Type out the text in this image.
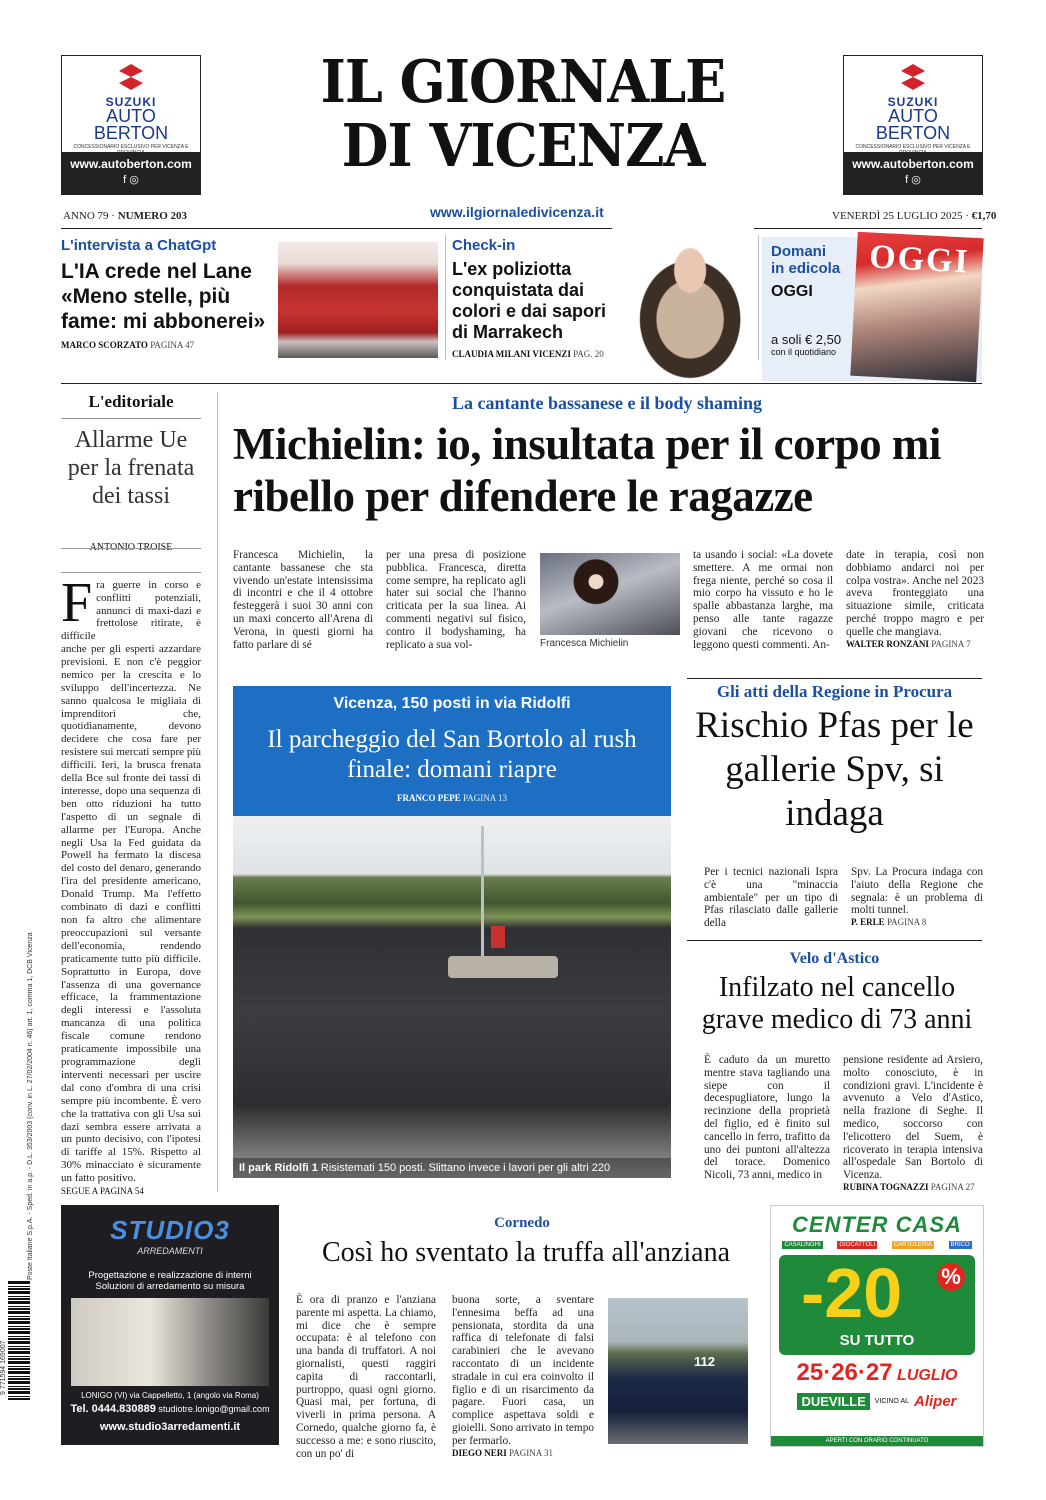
Poste Italiane S.p.A. - Sped. in a.p. - D.L. 353/2003 (conv. in L. 27/02/2004 n. 46) art. 1, comma 1, DCB Vicenza
9 771594 169007
SUZUKI
AUTO
BERTON
CONCESSIONARIO ESCLUSIVO PER VICENZA E
www.autoberton.com
f ◎
SUZUKI
AUTO
BERTON
CONCESSIONARIO ESCLUSIVO PER VICENZA E
www.autoberton.com
f ◎
IL GIORNALE
DI VICENZA
ANNO 79 · NUMERO 203	www.ilgiornaledivicenza.it	VENERDÌ 25 LUGLIO 2025 · €1,70
L'intervista a ChatGpt
L'IA crede nel Lane «Meno stelle, più fame: mi abbonerei»
MARCO SCORZATO PAGINA 47
Check-in
L'ex poliziotta conquistata dai colori e dai sapori di Marrakech
CLAUDIA MILANI VICENZI PAG. 20
Domani
in edicola
OGGI
a soli € 2,50
con il quotidiano
OGGI
L'editoriale
Allarme Ue per la frenata dei tassi
F ra guerre in corso e conflitti potenziali, annunci di maxi-dazi e frettolose ritirate, è difficile
anche per gli esperti azzardare previsioni. E non c'è peggior nemico per la crescita e lo sviluppo dell'incertezza. Ne sanno qualcosa le migliaia di imprenditori che, quotidianamente, devono decidere che cosa fare per resistere sui mercati sempre più difficili. Ieri, la brusca frenata della Bce sul fronte dei tassi di interesse, dopo una sequenza di ben otto riduzioni ha tutto l'aspetto di un segnale di allarme per l'Europa. Anche negli Usa la Fed guidata da Powell ha fermato la discesa del costo del denaro, generando l'ira del presidente americano, Donald Trump. Ma l'effetto combinato di dazi e conflitti non fa altro che alimentare preoccupazioni sul versante dell'economia, rendendo praticamente tutto più difficile. Soprattutto in Europa, dove l'assenza di una governance efficace, la frammentazione degli interessi e l'assoluta mancanza di una politica fiscale comune rendono praticamente impossibile una programmazione degli interventi necessari per uscire dal cono d'ombra di una crisi sempre più incombente. È vero che la trattativa con gli Usa sui dazi sembra essere arrivata a un punto decisivo, con l'ipotesi di tariffe al 15%. Rispetto al 30% minacciato è sicuramente un fatto positivo.
SEGUE A PAGINA 54
La cantante bassanese e il body shaming
Michielin: io, insultata per il corpo mi ribello per difendere le ragazze
Francesca Michielin, la cantante bassanese che sta vivendo un'estate intensissima di incontri e che il 4 ottobre festeggerà i suoi 30 anni con un maxi concerto all'Arena di Verona, in questi giorni ha fatto parlare di sé
per una presa di posizione pubblica. Francesca, diretta come sempre, ha replicato agli hater sui social che l'hanno criticata per la sua linea. Ai commenti negativi sul fisico, contro il bodyshaming, ha replicato a sua vol-	Francesca Michielin
ta usando i social: «La dovete smettere. A me ormai non frega niente, perché so cosa il mio corpo ha vissuto e ho le spalle abbastanza larghe, ma penso alle tante ragazze giovani che ricevono o leggono questi commenti. An-
date in terapia, così non dobbiamo andarci noi per colpa vostra». Anche nel 2023 aveva fronteggiato una situazione simile, criticata perché troppo magro e per quelle che mangiava.
WALTER RONZANI PAGINA 7
Vicenza, 150 posti in via Ridolfi
Il parcheggio del San Bortolo al rush finale: domani riapre
FRANCO PEPE PAGINA 13
Il park Ridolfi 1 Risistemati 150 posti. Slittano invece i lavori per gli altri 220
Gli atti della Regione in Procura
Rischio Pfas per le gallerie Spv, si indaga
Per i tecnici nazionali Ispra c'è una "minaccia ambientale" per un tipo di Pfas rilasciato dalle gallerie della
Spv. La Procura indaga con l'aiuto della Regione che segnala: è un problema di molti tunnel.
P. ERLE PAGINA 8
Velo d'Astico
Infilzato nel cancello grave medico di 73 anni
È caduto da un muretto mentre stava tagliando una siepe con il decespugliatore, lungo la recinzione della proprietà del figlio, ed è finito sul cancello in ferro, trafitto da uno dei puntoni all'altezza del torace. Domenico Nicoli, 73 anni, medico in
pensione residente ad Arsiero, molto conosciuto, è in condizioni gravi. L'incidente è avvenuto a Velo d'Astico, nella frazione di Seghe. Il medico, soccorso con l'elicottero del Suem, è ricoverato in terapia intensiva all'ospedale San Bortolo di Vicenza.
RUBINA TOGNAZZI PAGINA 27
STUDIO3
ARREDAMENTI
Progettazione e realizzazione di interni
Soluzioni di arredamento su misura
LONIGO (VI) via Cappelletto, 1 (angolo via Roma)
Tel. 0444.830889 studiotre.lonigo@gmail.com
www.studio3arredamenti.it
Cornedo
Così ho sventato la truffa all'anziana
È ora di pranzo e l'anziana parente mi aspetta. La chiamo, mi dice che è sempre occupata: è al telefono con una banda di truffatori. A noi giornalisti, questi raggiri capita di raccontarli, purtroppo, quasi ogni giorno. Quasi mai, per fortuna, di viverli in prima persona. A Cornedo, qualche giorno fa, è successo a me: e sono riuscito, con un po' di
buona sorte, a sventare l'ennesima beffa ad una pensionata, stordita da una raffica di telefonate di falsi carabinieri che le avevano raccontato di un incidente stradale in cui era coinvolto il figlio e di un risarcimento da pagare. Fuori casa, un complice aspettava soldi e gioielli. Sono arrivato in tempo per fermarlo.
DIEGO NERI PAGINA 31
112
CENTER CASA
CASALINGHI	GIOCATTOLI	CARTOLERIA	BRICO
-20 %
SU TUTTO
25·26·27 LUGLIO
DUEVILLE	VICINO AL Aliper
APERTI CON ORARIO CONTINUATO
